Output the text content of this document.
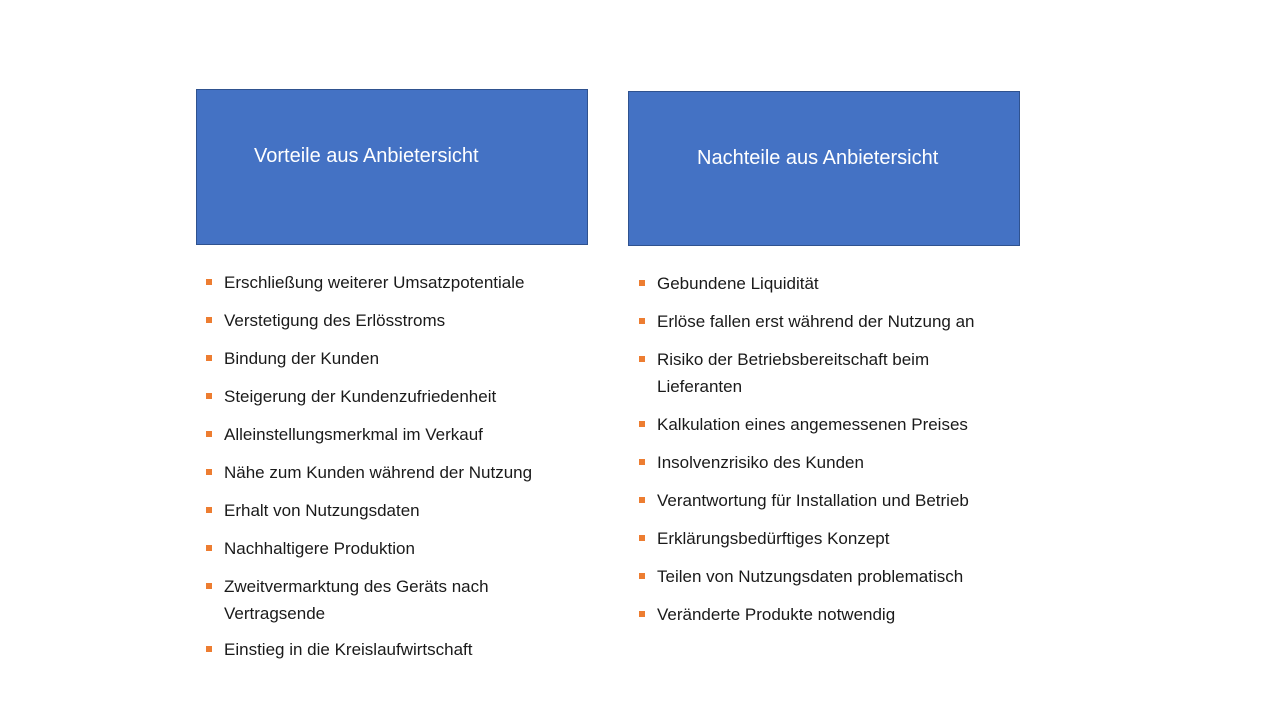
Vorteile aus Anbietersicht	Nachteile aus Anbietersicht
Erschließung weiterer Umsatzpotentiale
Verstetigung des Erlösstroms
Bindung der Kunden
Steigerung der Kundenzufriedenheit
Alleinstellungsmerkmal im Verkauf
Nähe zum Kunden während der Nutzung
Erhalt von Nutzungsdaten
Nachhaltigere Produktion
Zweitvermarktung des Geräts nach Vertragsende
Einstieg in die Kreislaufwirtschaft
Gebundene Liquidität
Erlöse fallen erst während der Nutzung an
Risiko der Betriebsbereitschaft beim Lieferanten
Kalkulation eines angemessenen Preises
Insolvenzrisiko des Kunden
Verantwortung für Installation und Betrieb
Erklärungsbedürftiges Konzept
Teilen von Nutzungsdaten problematisch
Veränderte Produkte notwendig
